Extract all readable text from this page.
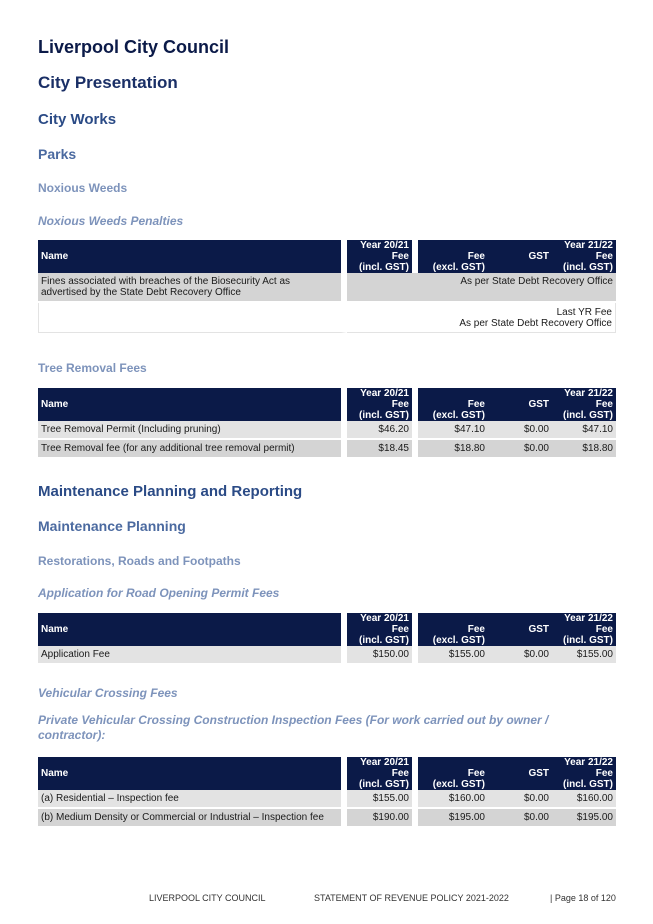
Liverpool City Council
City Presentation
City Works
Parks
Noxious Weeds
Noxious Weeds Penalties
Name	Year 20/21	Year 21/22		
	Fee	Fee	GST	Fee
	(incl. GST)	(excl. GST)		(incl. GST)
Fines associated with breaches of the Biosecurity Act as advertised by the State Debt Recovery Office	As per State Debt Recovery Office			

	Last YR Fee
As per State Debt Recovery Office			
Tree Removal Fees
Name	Year 20/21	Year 21/22		
	Fee	Fee	GST	Fee
	(incl. GST)	(excl. GST)		(incl. GST)
Tree Removal Permit (Including pruning)	$46.20	$47.10	$0.00	$47.10
Tree Removal fee (for any additional tree removal permit)	$18.45	$18.80	$0.00	$18.80
Maintenance Planning and Reporting
Maintenance Planning
Restorations, Roads and Footpaths
Application for Road Opening Permit Fees
Name	Year 20/21	Year 21/22		
	Fee	Fee	GST	Fee
	(incl. GST)	(excl. GST)		(incl. GST)
Application Fee	$150.00	$155.00	$0.00	$155.00
Vehicular Crossing Fees
Private Vehicular Crossing Construction Inspection Fees (For work carried out by owner / contractor):
Name	Year 20/21	Year 21/22		
	Fee	Fee	GST	Fee
	(incl. GST)	(excl. GST)		(incl. GST)
(a) Residential – Inspection fee	$155.00	$160.00	$0.00	$160.00
(b) Medium Density or Commercial or Industrial – Inspection fee	$190.00	$195.00	$0.00	$195.00
LIVERPOOL CITY COUNCIL	STATEMENT OF REVENUE POLICY 2021-2022	| Page 18 of 120
